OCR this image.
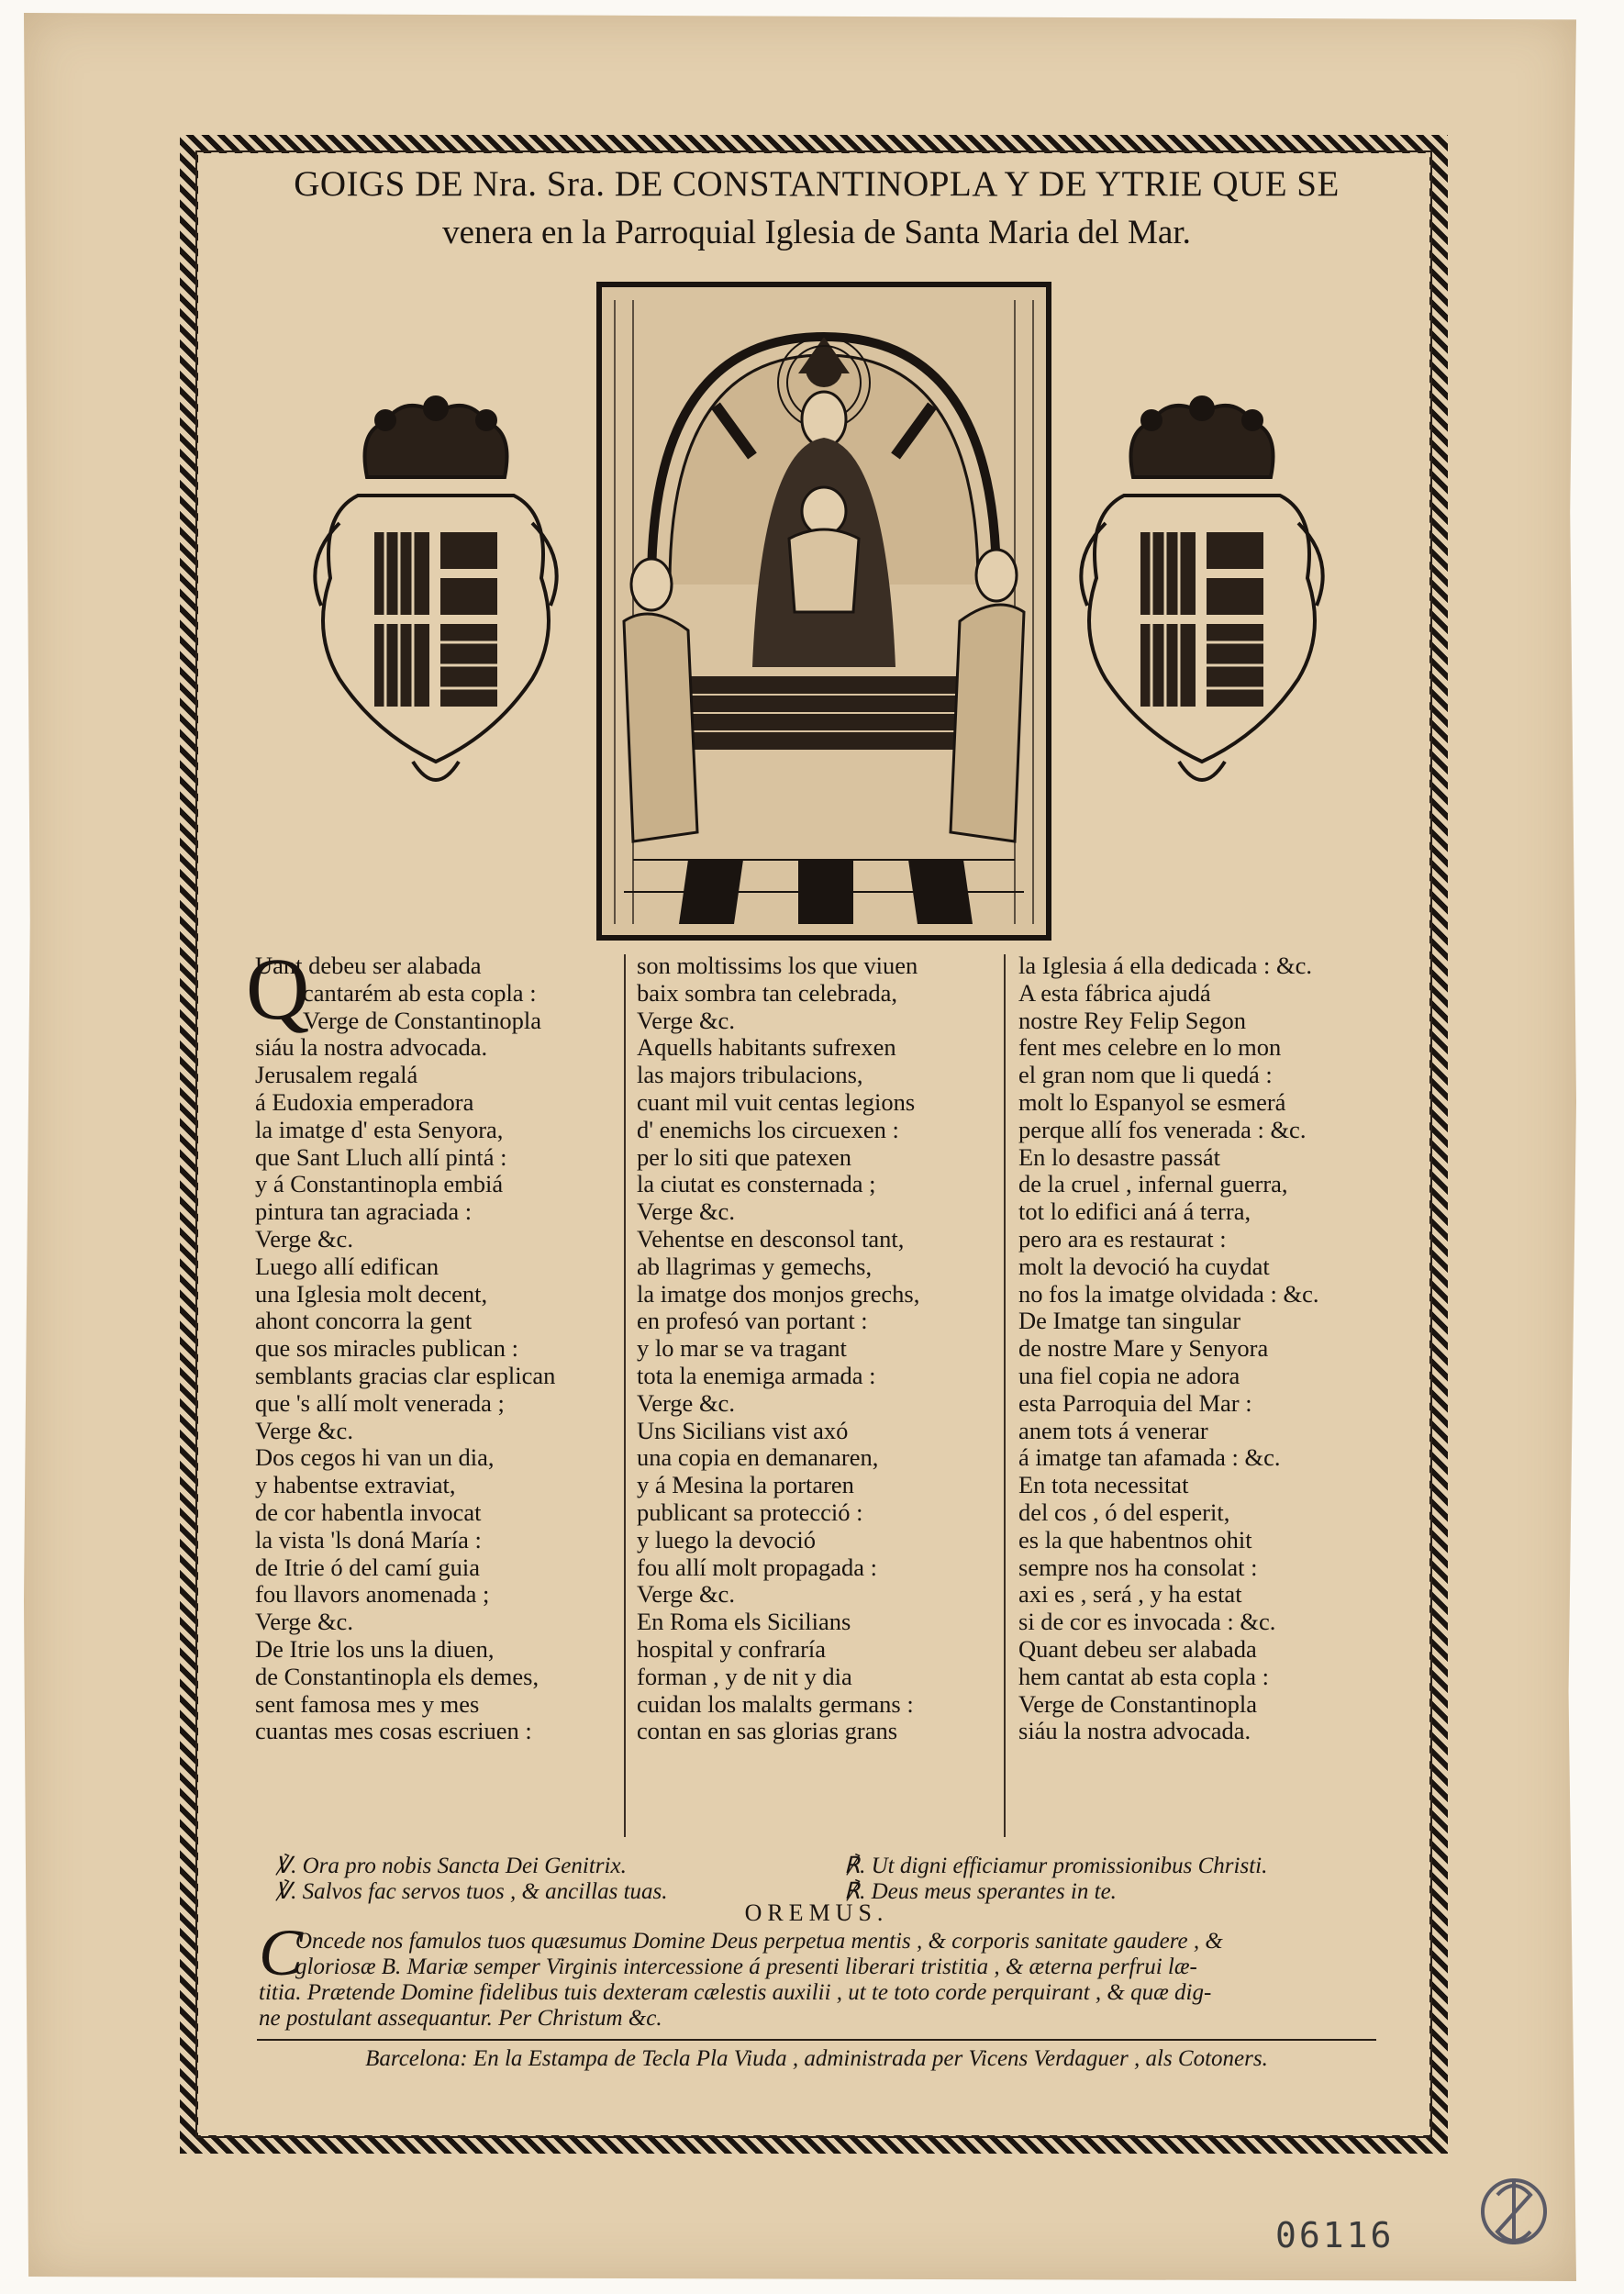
GOIGS DE Nra. Sra. DE CONSTANTINOPLA Y DE YTRIE QUE SE
venera en la Parroquial Iglesia de Santa Maria del Mar.
Q
Uant debeu ser alabada
cantarém ab esta copla :
Verge de Constantinopla
siáu la nostra advocada.
Jerusalem regalá
á Eudoxia emperadora
la imatge d' esta Senyora,
que Sant Lluch allí pintá :
y á Constantinopla embiá
pintura tan agraciada :
Verge &c.
Luego allí edifican
una Iglesia molt decent,
ahont concorra la gent
que sos miracles publican :
semblants gracias clar esplican
que 's allí molt venerada ;
Verge &c.
Dos cegos hi van un dia,
y habentse extraviat,
de cor habentla invocat
la vista 'ls doná María :
de Itrie ó del camí guia
fou llavors anomenada ;
Verge &c.
De Itrie los uns la diuen,
de Constantinopla els demes,
sent famosa mes y mes
cuantas mes cosas escriuen :
son moltissims los que viuen
baix sombra tan celebrada,
Verge &c.
Aquells habitants sufrexen
las majors tribulacions,
cuant mil vuit centas legions
d' enemichs los circuexen :
per lo siti que patexen
la ciutat es consternada ;
Verge &c.
Vehentse en desconsol tant,
ab llagrimas y gemechs,
la imatge dos monjos grechs,
en profesó van portant :
y lo mar se va tragant
tota la enemiga armada :
Verge &c.
Uns Sicilians vist axó
una copia en demanaren,
y á Mesina la portaren
publicant sa protecció :
y luego la devoció
fou allí molt propagada :
Verge &c.
En Roma els Sicilians
hospital y confraría
forman , y de nit y dia
cuidan los malalts germans :
contan en sas glorias grans
la Iglesia á ella dedicada : &c.
A esta fábrica ajudá
nostre Rey Felip Segon
fent mes celebre en lo mon
el gran nom que li quedá :
molt lo Espanyol se esmerá
perque allí fos venerada : &c.
En lo desastre passát
de la cruel , infernal guerra,
tot lo edifici aná á terra,
pero ara es restaurat :
molt la devoció ha cuydat
no fos la imatge olvidada : &c.
De Imatge tan singular
de nostre Mare y Senyora
una fiel copia ne adora
esta Parroquia del Mar :
anem tots á venerar
á imatge tan afamada : &c.
En tota necessitat
del cos , ó del esperit,
es la que habentnos ohit
sempre nos ha consolat :
axi es , será , y ha estat
si de cor es invocada : &c.
Quant debeu ser alabada
hem cantat ab esta copla :
Verge de Constantinopla
siáu la nostra advocada.
℣. Ora pro nobis Sancta Dei Genitrix.	℟. Ut digni efficiamur promissionibus Christi.
℣. Salvos fac servos tuos , & ancillas tuas.	℟. Deus meus sperantes in te.
OREMUS.
C
Oncede nos famulos tuos quæsumus Domine Deus perpetua mentis , & corporis sanitate gaudere , &
gloriosæ B. Mariæ semper Virginis intercessione á presenti liberari tristitia , & æterna perfrui læ-
titia. Prætende Domine fidelibus tuis dexteram cælestis auxilii , ut te toto corde perquirant , & quæ dig-
ne postulant assequantur. Per Christum &c.
Barcelona: En la Estampa de Tecla Pla Viuda , administrada per Vicens Verdaguer , als Cotoners.
06116
